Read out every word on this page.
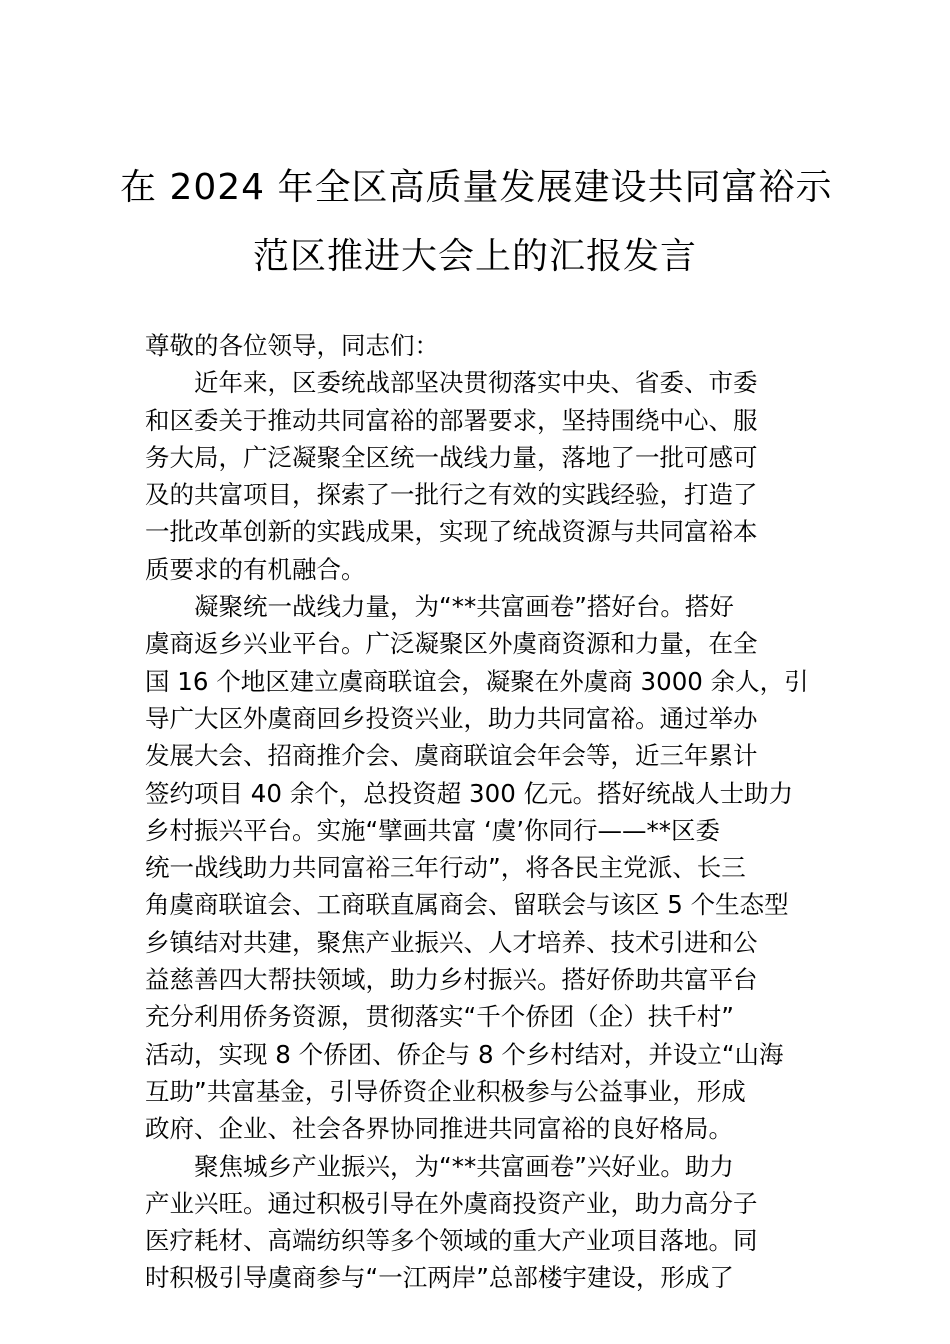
在 2024 年全区高质量发展建设共同富裕示
范区推进大会上的汇报发言
尊敬的各位领导，同志们：
近年来，区委统战部坚决贯彻落实中央、省委、市委
和区委关于推动共同富裕的部署要求，坚持围绕中心、服
务大局，广泛凝聚全区统一战线力量，落地了一批可感可
及的共富项目，探索了一批行之有效的实践经验，打造了
一批改革创新的实践成果，实现了统战资源与共同富裕本
质要求的有机融合。
凝聚统一战线力量，为“**共富画卷”搭好台。搭好
虞商返乡兴业平台。广泛凝聚区外虞商资源和力量，在全
国 16 个地区建立虞商联谊会，凝聚在外虞商 3000 余人，引
导广大区外虞商回乡投资兴业，助力共同富裕。通过举办
发展大会、招商推介会、虞商联谊会年会等，近三年累计
签约项目 40 余个，总投资超 300 亿元。搭好统战人士助力
乡村振兴平台。实施“擘画共富 ‘虞’你同行——**区委
统一战线助力共同富裕三年行动”，将各民主党派、长三
角虞商联谊会、工商联直属商会、留联会与该区 5 个生态型
乡镇结对共建，聚焦产业振兴、人才培养、技术引进和公
益慈善四大帮扶领域，助力乡村振兴。搭好侨助共富平台
充分利用侨务资源，贯彻落实“千个侨团（企）扶千村”
活动，实现 8 个侨团、侨企与 8 个乡村结对，并设立“山海
互助”共富基金，引导侨资企业积极参与公益事业，形成
政府、企业、社会各界协同推进共同富裕的良好格局。
聚焦城乡产业振兴，为“**共富画卷”兴好业。助力
产业兴旺。通过积极引导在外虞商投资产业，助力高分子
医疗耗材、高端纺织等多个领域的重大产业项目落地。同
时积极引导虞商参与“一江两岸”总部楼宇建设，形成了
